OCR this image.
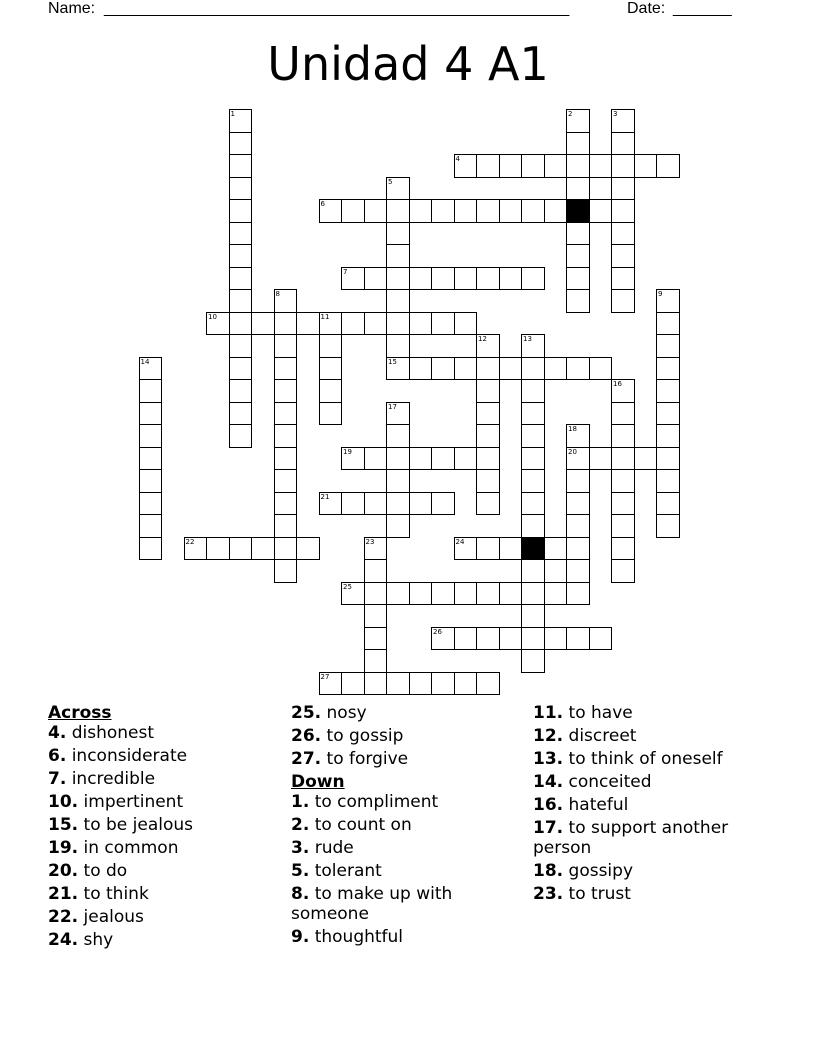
Name: ________________________________________________________	Date: _______
Unidad 4 A1
1	2	3
4
5
15
6
7
8	9
10	11
12	13
14
16
17
18
20
19
21
22	23	24
25
26
27

Across

4. dishonest

6. inconsiderate

7. incredible

10. impertinent

15. to be jealous

19. in common

20. to do

21. to think

22. jealous

24. shy

25. nosy

26. to gossip

27. to forgive

Down

1. to compliment

2. to count on

3. rude

5. tolerant

8. to make up with someone

9. thoughtful

11. to have

12. discreet

13. to think of oneself

14. conceited

16. hateful

17. to support another person

18. gossipy

23. to trust
